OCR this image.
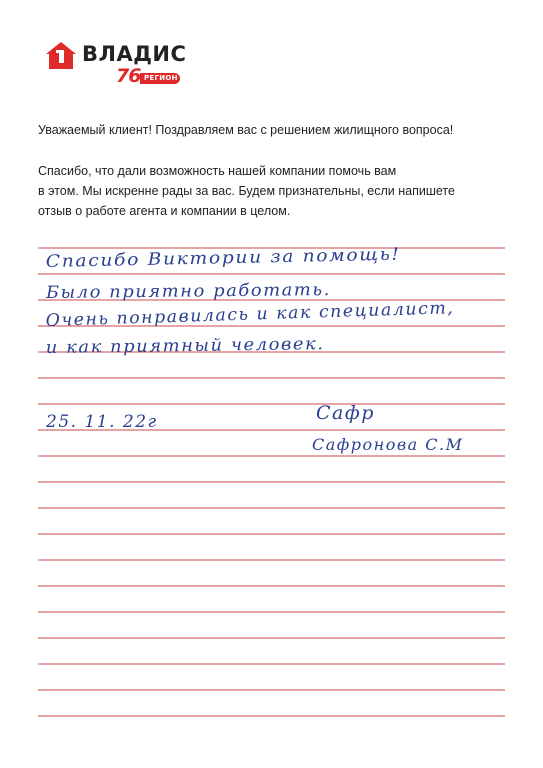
ВЛАДИС
76 РЕГИОН
Уважаемый клиент! Поздравляем вас с решением жилищного вопроса!
Спасибо, что дали возможность нашей компании помочь вам
в этом. Мы искренне рады за вас. Будем признательны, если напишете
отзыв о работе агента и компании в целом.
Спасибо Виктории за помощь!
Было приятно работать.
Очень понравилась и как специалист,
и как приятный человек.
25. 11. 22г	Сафр
Сафронова С.М
